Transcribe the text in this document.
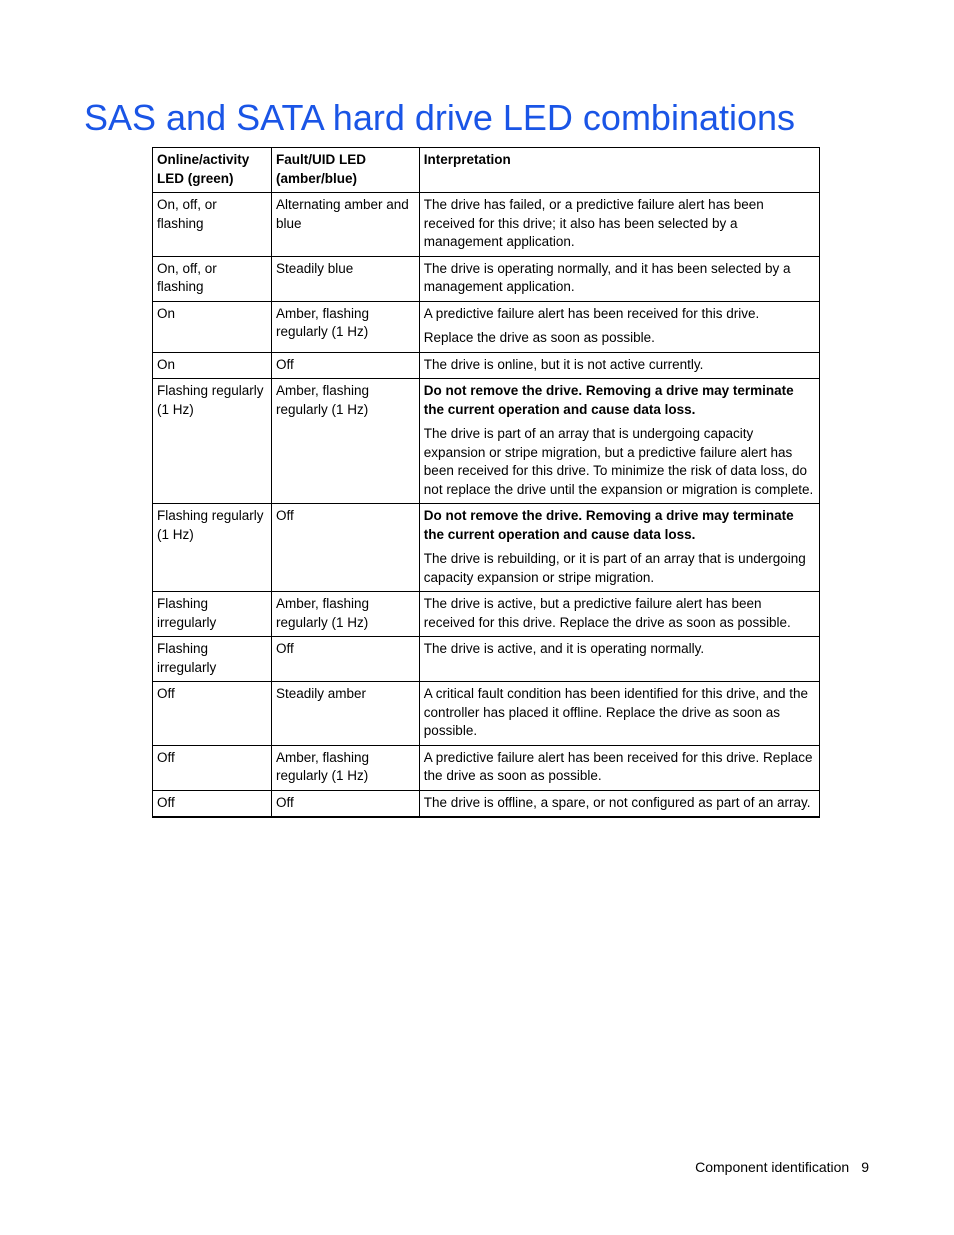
SAS and SATA hard drive LED combinations
Online/activity LED (green)	Fault/UID LED (amber/blue)	Interpretation
On, off, or flashing	Alternating amber and blue	The drive has failed, or a predictive failure alert has been received for this drive; it also has been selected by a management application.

On, off, or flashing	Steadily blue	The drive is operating normally, and it has been selected by a management application.

On	Amber, flashing regularly (1 Hz)	A predictive failure alert has been received for this drive.

Replace the drive as soon as possible.

On	Off	The drive is online, but it is not active currently.

Flashing regularly (1 Hz)	Amber, flashing regularly (1 Hz)	Do not remove the drive. Removing a drive may terminate the current operation and cause data loss.

The drive is part of an array that is undergoing capacity expansion or stripe migration, but a predictive failure alert has been received for this drive. To minimize the risk of data loss, do not replace the drive until the expansion or migration is complete.

Flashing regularly (1 Hz)	Off	Do not remove the drive. Removing a drive may terminate the current operation and cause data loss.

The drive is rebuilding, or it is part of an array that is undergoing capacity expansion or stripe migration.

Flashing irregularly	Amber, flashing regularly (1 Hz)	The drive is active, but a predictive failure alert has been received for this drive. Replace the drive as soon as possible.

Flashing irregularly	Off	The drive is active, and it is operating normally.

Off	Steadily amber	A critical fault condition has been identified for this drive, and the controller has placed it offline. Replace the drive as soon as possible.

Off	Amber, flashing regularly (1 Hz)	A predictive failure alert has been received for this drive. Replace the drive as soon as possible.

Off	Off	The drive is offline, a spare, or not configured as part of an array.

Component identification 9
